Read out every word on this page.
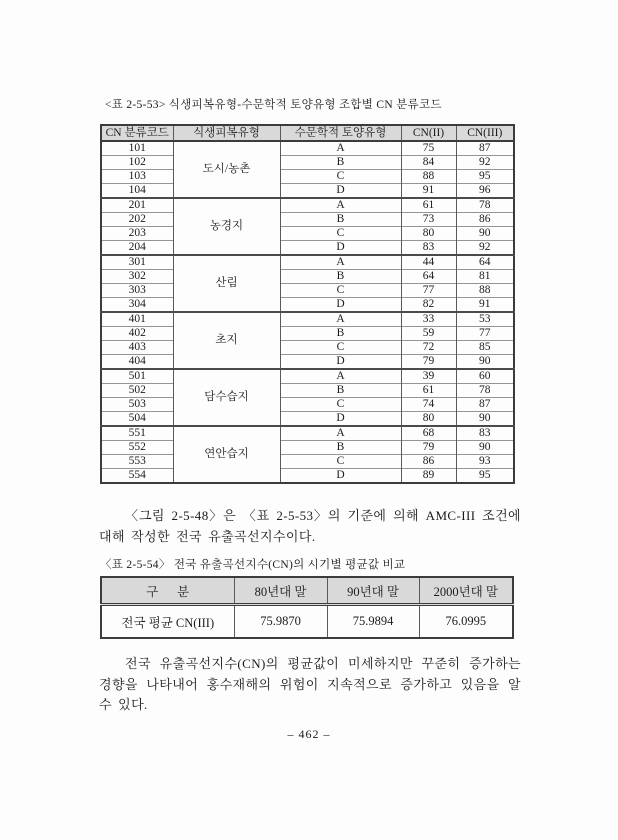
<표 2-5-53> 식생피복유형-수문학적 토양유형 조합별 CN 분류코드
CN 분류코드	식생피복유형	수문학적 토양유형	CN(II)	CN(III)
101	도시/농촌	A	75	87
102		B	84	92
103		C	88	95
104		D	91	96
201	농경지	A	61	78
202		B	73	86
203		C	80	90
204		D	83	92
301	산림	A	44	64
302		B	64	81
303		C	77	88
304		D	82	91
401	초지	A	33	53
402		B	59	77
403		C	72	85
404		D	79	90
501	담수습지	A	39	60
502		B	61	78
503		C	74	87
504		D	80	90
551	연안습지	A	68	83
552		B	79	90
553		C	86	93
554		D	89	95

〈그림 2-5-48〉은 〈표 2-5-53〉의 기준에 의해 AMC-III 조건에 대해 작성한 전국 유출곡선지수이다.

〈표 2-5-54〉 전국 유출곡선지수(CN)의 시기별 평균값 비교
구      분	80년대 말	90년대 말	2000년대 말
전국 평균 CN(III)	75.9870	75.9894	76.0995

전국 유출곡선지수(CN)의 평균값이 미세하지만 꾸준히 증가하는 경향을 나타내어 홍수재해의 위험이 지속적으로 증가하고 있음을 알 수 있다.

– 462 –
